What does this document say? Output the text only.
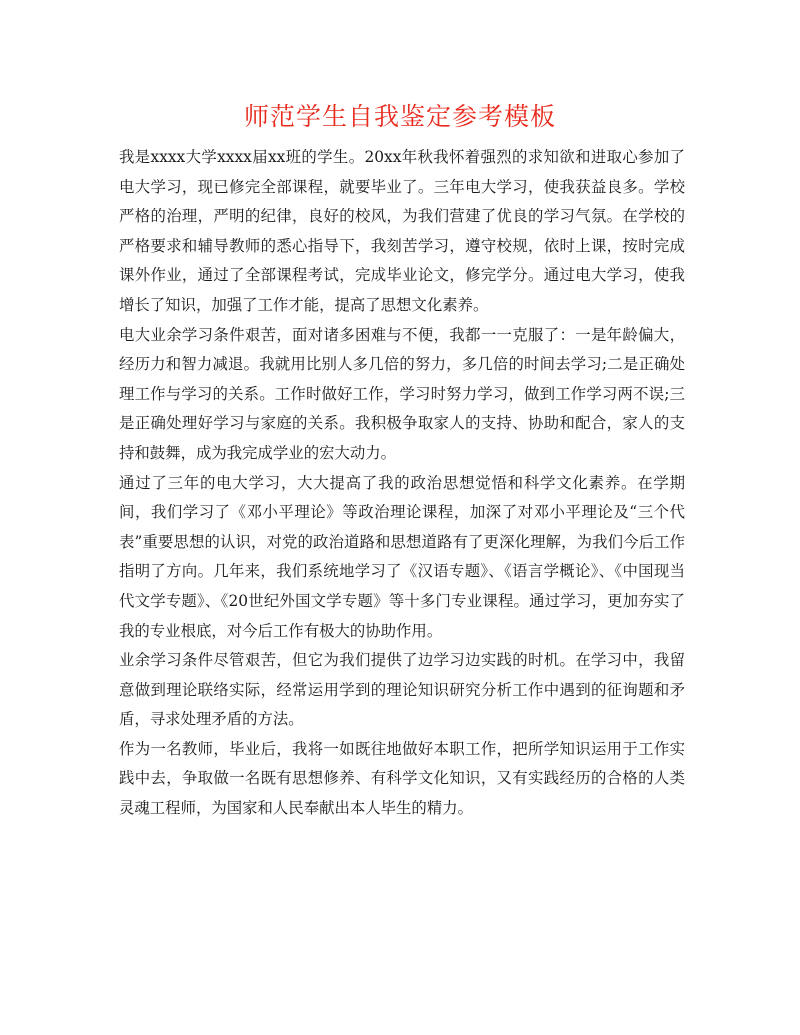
师范学生自我鉴定参考模板

我是xxxx大学xxxx届xx班的学生。20xx年秋我怀着强烈的求知欲和进取心参加了电大学习，现已修完全部课程，就要毕业了。三年电大学习，使我获益良多。学校严格的治理，严明的纪律，良好的校风，为我们营建了优良的学习气氛。在学校的严格要求和辅导教师的悉心指导下，我刻苦学习，遵守校规，依时上课，按时完成课外作业，通过了全部课程考试，完成毕业论文，修完学分。通过电大学习，使我增长了知识，加强了工作才能，提高了思想文化素养。

电大业余学习条件艰苦，面对诸多困难与不便，我都一一克服了：一是年龄偏大，经历力和智力减退。我就用比别人多几倍的努力，多几倍的时间去学习;二是正确处理工作与学习的关系。工作时做好工作，学习时努力学习，做到工作学习两不误;三是正确处理好学习与家庭的关系。我积极争取家人的支持、协助和配合，家人的支持和鼓舞，成为我完成学业的宏大动力。

通过了三年的电大学习，大大提高了我的政治思想觉悟和科学文化素养。在学期间，我们学习了《邓小平理论》等政治理论课程，加深了对邓小平理论及“三个代表”重要思想的认识，对党的政治道路和思想道路有了更深化理解，为我们今后工作指明了方向。几年来，我们系统地学习了《汉语专题》、《语言学概论》、《中国现当代文学专题》、《20世纪外国文学专题》等十多门专业课程。通过学习，更加夯实了我的专业根底，对今后工作有极大的协助作用。

业余学习条件尽管艰苦，但它为我们提供了边学习边实践的时机。在学习中，我留意做到理论联络实际，经常运用学到的理论知识研究分析工作中遇到的征询题和矛盾，寻求处理矛盾的方法。

作为一名教师，毕业后，我将一如既往地做好本职工作，把所学知识运用于工作实践中去，争取做一名既有思想修养、有科学文化知识，又有实践经历的合格的人类灵魂工程师，为国家和人民奉献出本人毕生的精力。
